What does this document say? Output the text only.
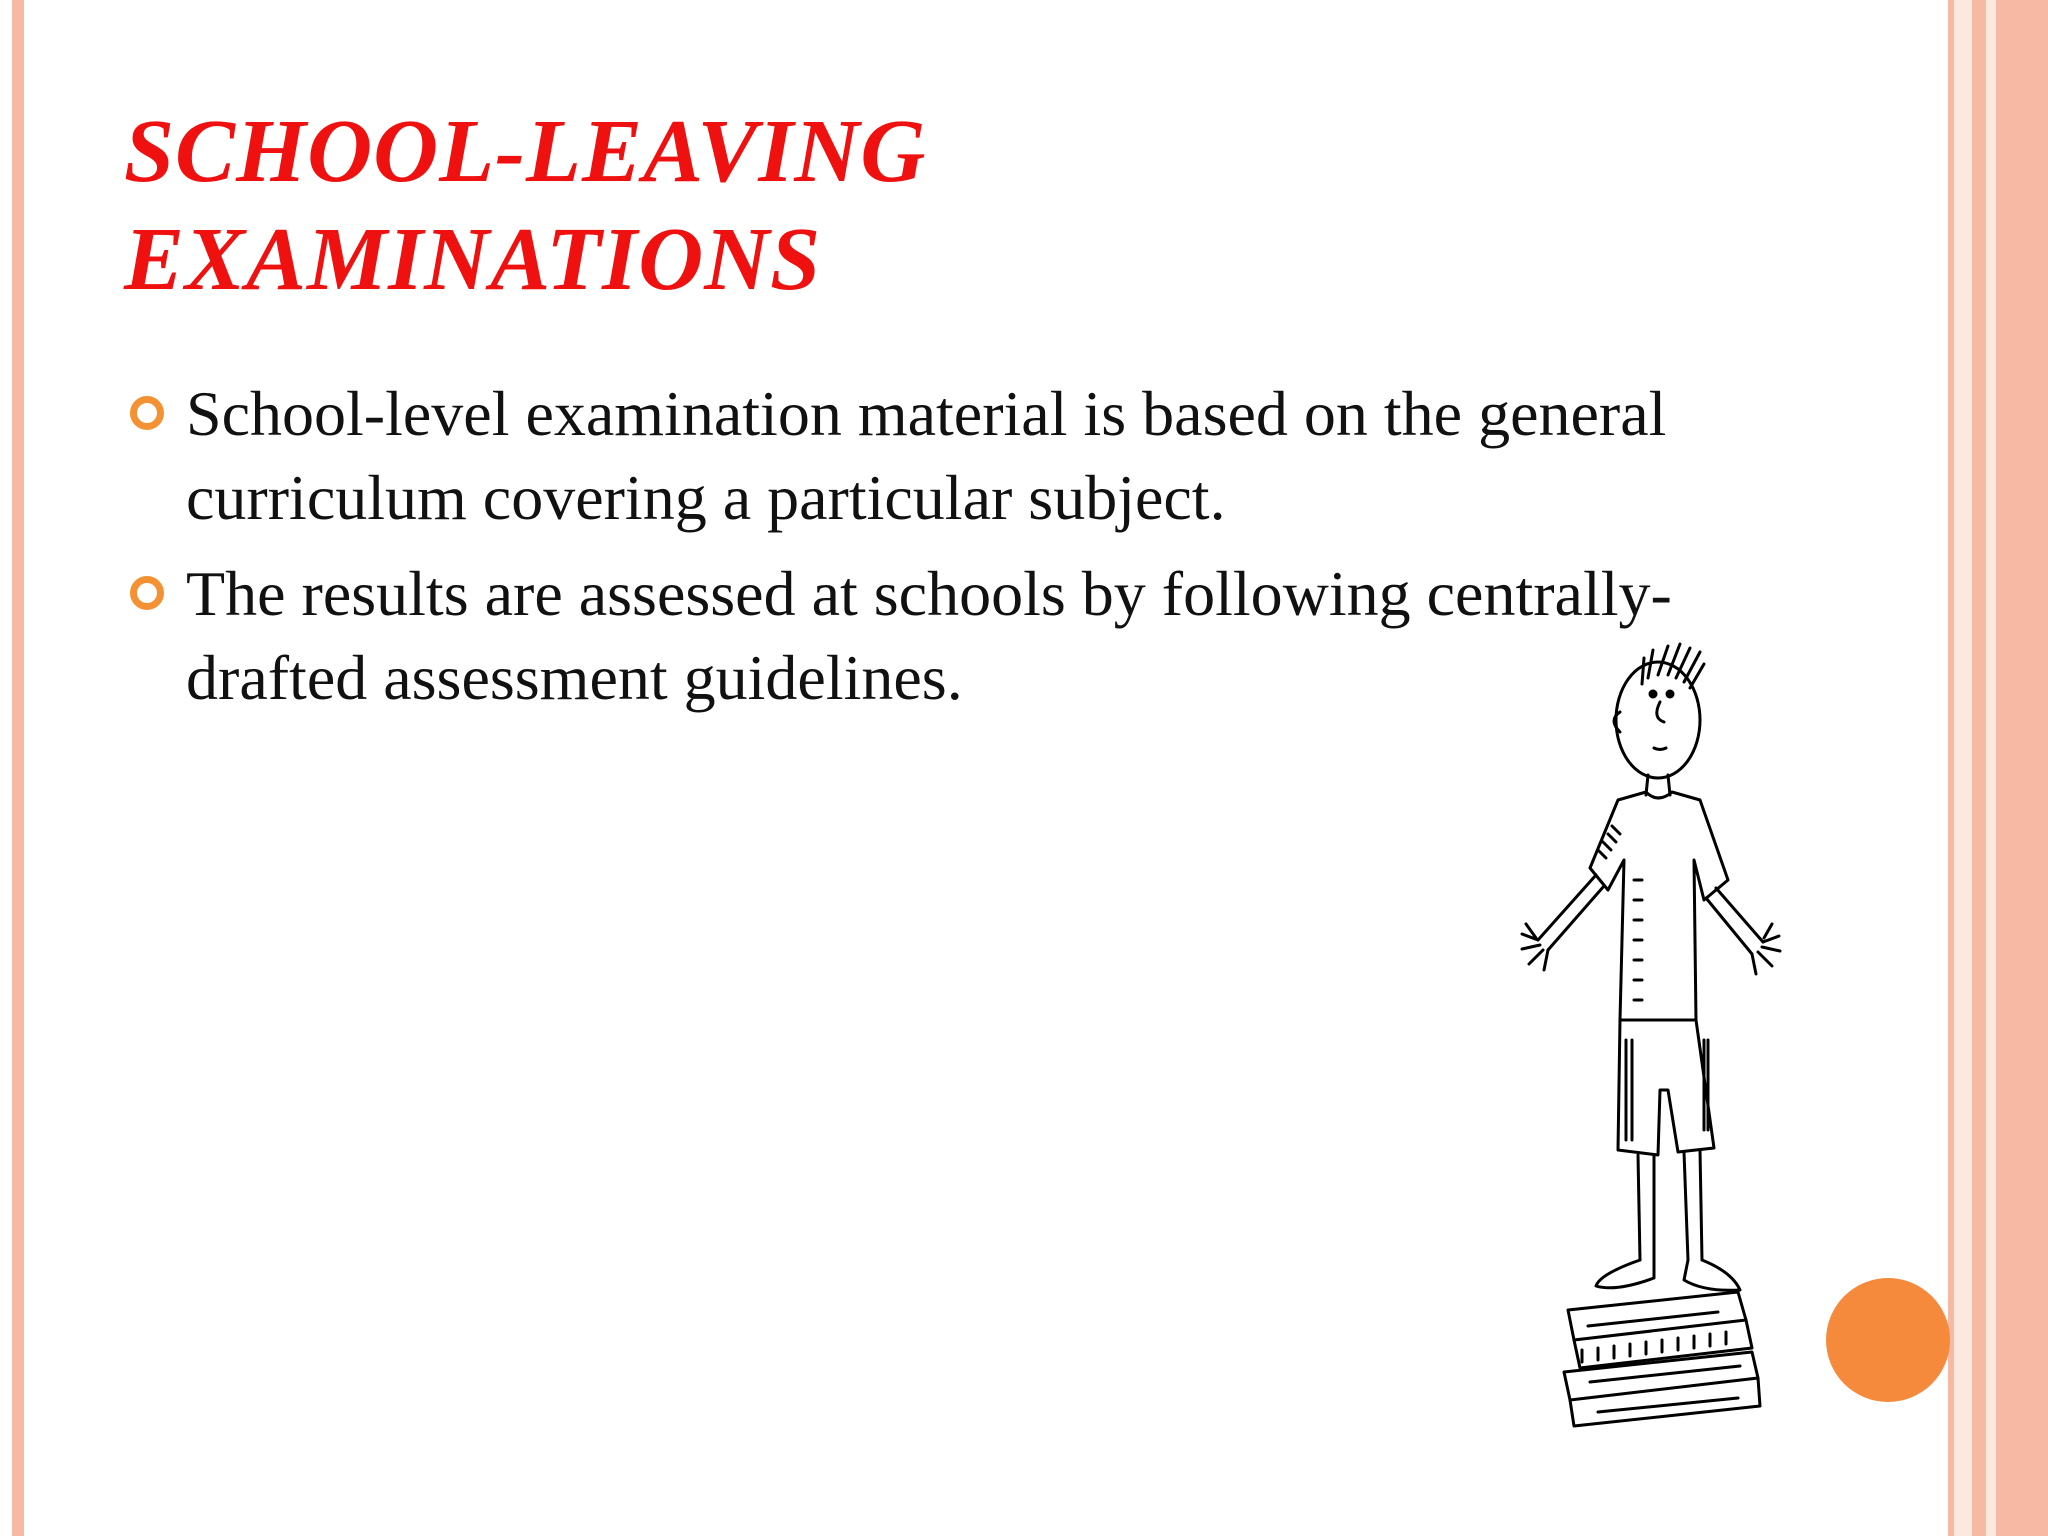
SCHOOL-LEAVING
EXAMINATIONS
School-level examination material is based on the general curriculum covering a particular subject.
The results are assessed at schools by following centrally-drafted assessment guidelines.
